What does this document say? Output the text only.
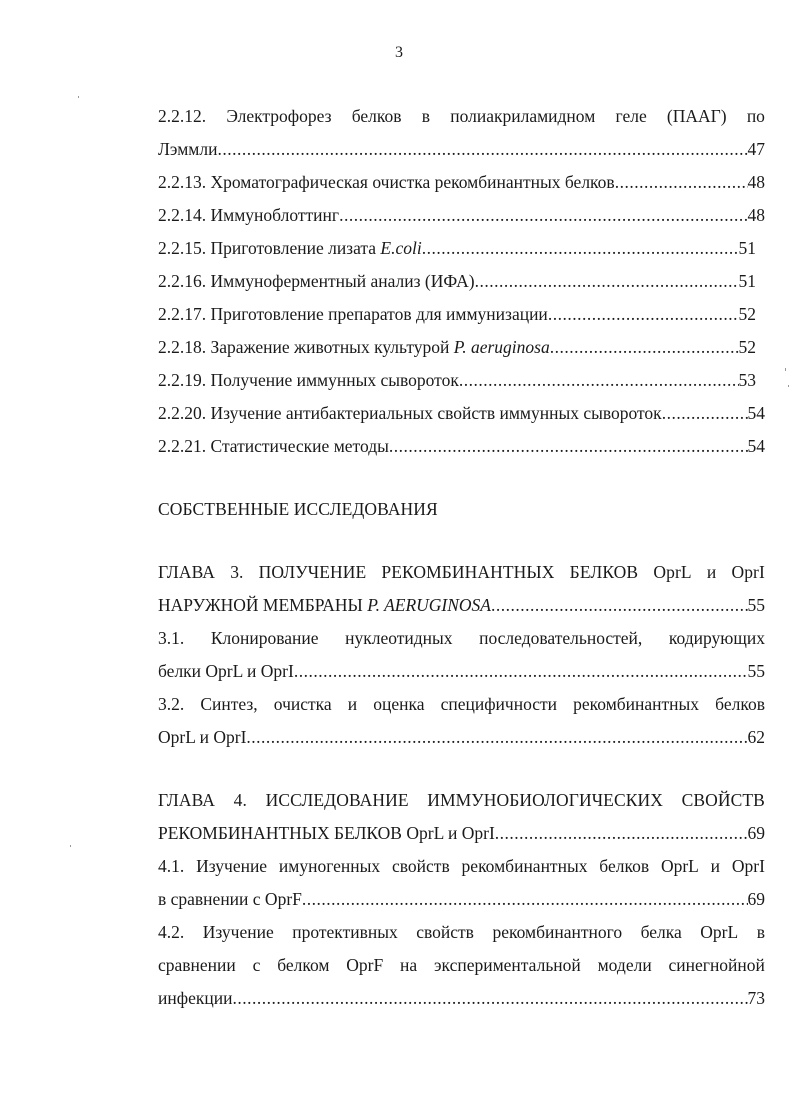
3
2.2.12. Электрофорез белков в полиакриламидном геле (ПААГ) по
Лэммли .....	47
2.2.13. Хроматографическая очистка рекомбинантных белков .....	48
2.2.14. Иммуноблоттинг .....	48
2.2.15. Приготовление лизата E.coli .....	51
2.2.16. Иммуноферментный анализ (ИФА) .....	51
2.2.17. Приготовление препаратов для иммунизации .....	52
2.2.18. Заражение животных культурой P. aeruginosa .....	52
2.2.19. Получение иммунных сывороток .....	53
2.2.20. Изучение антибактериальных свойств иммунных сывороток .....	54
2.2.21. Статистические методы .....	54
СОБСТВЕННЫЕ ИССЛЕДОВАНИЯ
ГЛАВА 3. ПОЛУЧЕНИЕ РЕКОМБИНАНТНЫХ БЕЛКОВ OprL и OprI
НАРУЖНОЙ МЕМБРАНЫ P. AERUGINOSA .....	55
3.1. Клонирование нуклеотидных последовательностей, кодирующих
белки OprL и OprI .....	55
3.2. Синтез, очистка и оценка специфичности рекомбинантных белков
OprL и OprI .....	62
ГЛАВА 4. ИССЛЕДОВАНИЕ ИММУНОБИОЛОГИЧЕСКИХ СВОЙСТВ
РЕКОМБИНАНТНЫХ БЕЛКОВ OprL и OprI .....	69
4.1. Изучение имуногенных свойств рекомбинантных белков OprL и OprI
в сравнении с OprF .....	69
4.2. Изучение протективных свойств рекомбинантного белка OprL в
сравнении с белком OprF на экспериментальной модели синегнойной
инфекции .....	73
